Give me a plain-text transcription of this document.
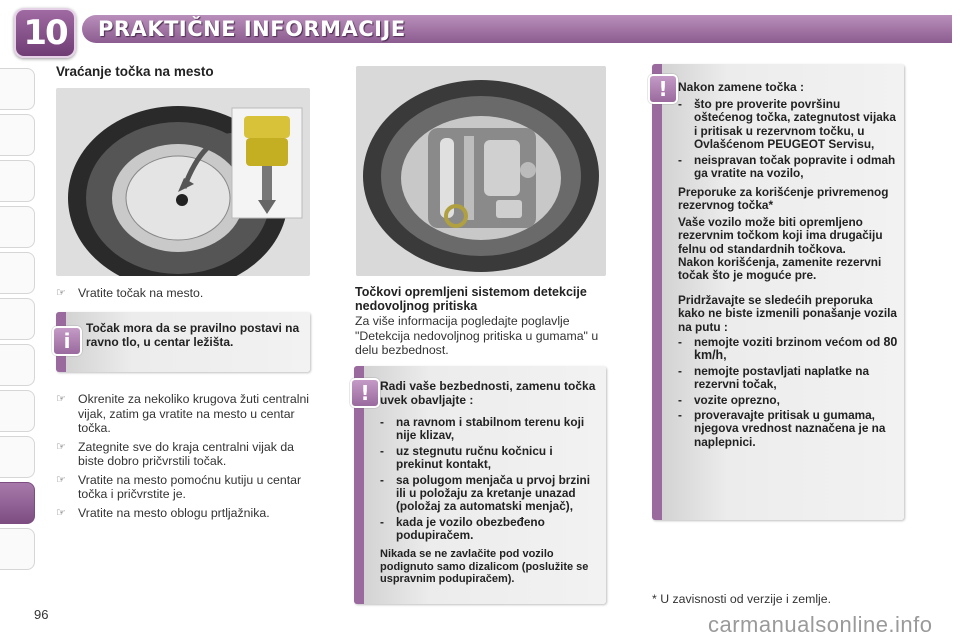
10	PRAKTIČNE INFORMACIJE
Vraćanje točka na mesto
☞ Vratite točak na mesto.
i
Točak mora da se pravilno postavi na ravno tlo, u centar ležišta.
☞ Okrenite za nekoliko krugova žuti centralni vijak, zatim ga vratite na mesto u centar točka.
☞ Zategnite sve do kraja centralni vijak da biste dobro pričvrstili točak.
☞ Vratite na mesto pomoćnu kutiju u centar točka i pričvrstite je.
☞ Vratite na mesto oblogu prtljažnika.
Točkovi opremljeni sistemom detekcije nedovoljnog pritiska
Za više informacija pogledajte poglavlje "Detekcija nedovoljnog pritiska u gumama" u delu bezbednost.
! Radi vaše bezbednosti, zamenu točka uvek obavljajte :
-	na ravnom i stabilnom terenu koji nije klizav,
-	uz stegnutu ručnu kočnicu i prekinut kontakt,
-	sa polugom menjača u prvoj brzini ili u položaju za kretanje unazad (položaj za automatski menjač),
-	kada je vozilo obezbeđeno podupiračem.
Nikada se ne zavlačite pod vozilo podignuto samo dizalicom (poslužite se uspravnim podupiračem).
! Nakon zamene točka :
-	što pre proverite površinu oštećenog točka, zategnutost vijaka i pritisak u rezervnom točku, u Ovlašćenom PEUGEOT Servisu,
-	neispravan točak popravite i odmah ga vratite na vozilo,
Preporuke za korišćenje privremenog rezervnog točka*
Vaše vozilo može biti opremljeno rezervnim točkom koji ima drugačiju felnu od standardnih točkova.
Nakon korišćenja, zamenite rezervni točak što je moguće pre.
Pridržavajte se sledećih preporuka kako ne biste izmenili ponašanje vozila na putu :
-	nemojte voziti brzinom većom od 80 km/h,
-	nemojte postavljati naplatke na rezervni točak,
-	vozite oprezno,
-	proveravajte pritisak u gumama, njegova vrednost naznačena je na naplepnici.
* U zavisnosti od verzije i zemlje.
96	carmanualsonline.info
